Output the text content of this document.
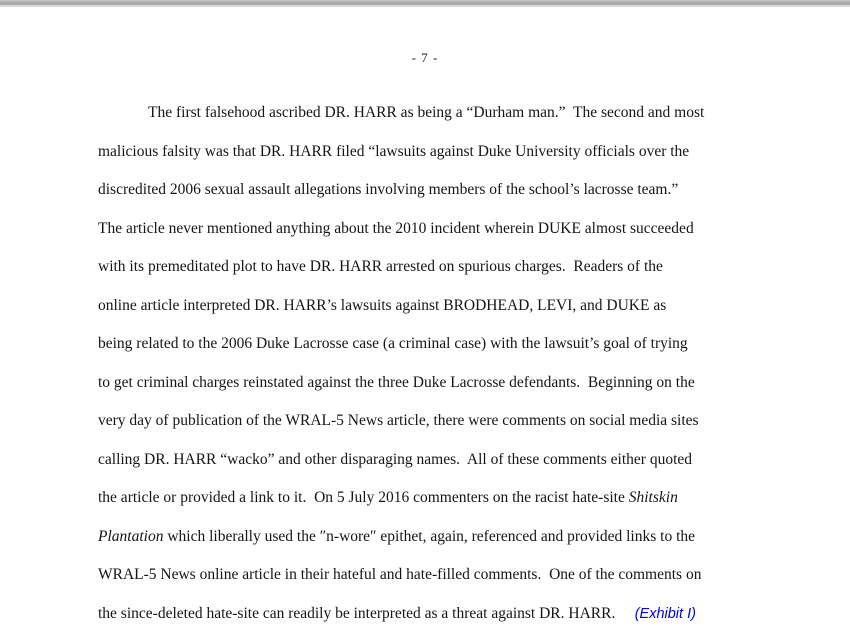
- 7 -
The first falsehood ascribed DR. HARR as being a “Durham man.”  The second and most
malicious falsity was that DR. HARR filed “lawsuits against Duke University officials over the
discredited 2006 sexual assault allegations involving members of the school’s lacrosse team.”
The article never mentioned anything about the 2010 incident wherein DUKE almost succeeded
with its premeditated plot to have DR. HARR arrested on spurious charges.  Readers of the
online article interpreted DR. HARR’s lawsuits against BRODHEAD, LEVI, and DUKE as
being related to the 2006 Duke Lacrosse case (a criminal case) with the lawsuit’s goal of trying
to get criminal charges reinstated against the three Duke Lacrosse defendants.  Beginning on the
very day of publication of the WRAL-5 News article, there were comments on social media sites
calling DR. HARR “wacko” and other disparaging names.  All of these comments either quoted
the article or provided a link to it.  On 5 July 2016 commenters on the racist hate-site Shitskin
Plantation which liberally used the ″n-wore″ epithet, again, referenced and provided links to the
WRAL-5 News online article in their hateful and hate-filled comments.  One of the comments on
the since-deleted hate-site can readily be interpreted as a threat against DR. HARR.     (Exhibit I)
